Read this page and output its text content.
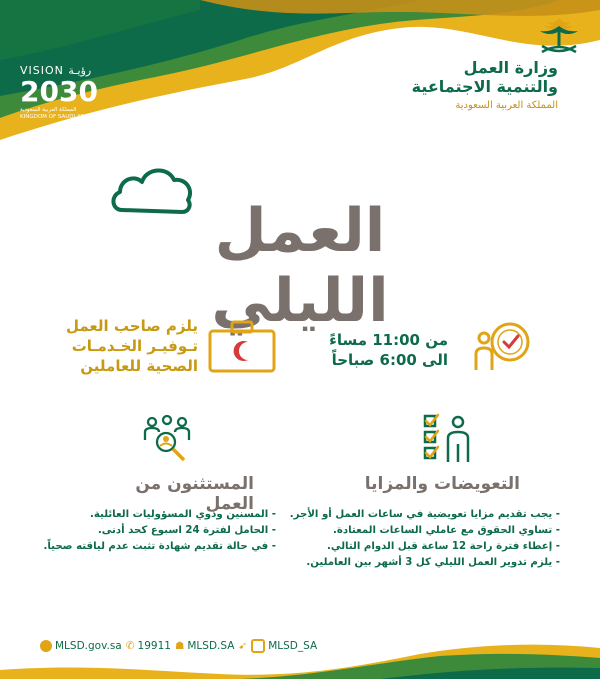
VISION رؤيـة
2030
المملكة العربية السعودية
KINGDOM OF SAUDI ARABIA
وزارة العمل
والتنمية الاجتماعية
المملكة العربية السعودية
العمل الليلي
من 11:00 مساءً
الى 6:00 صباحاً
يلزم صاحب العمل
تـوفيـر الخـدمـات
الصحية للعاملين
التعويضات والمزايا
- يجب تقديم مزايا تعويضية في ساعات العمل أو الأجر.
- تساوي الحقوق مع عاملي الساعات المعتادة.
- إعطاء فترة راحة 12 ساعة قبل الدوام التالي.
- يلزم تدوير العمل الليلي كل 3 أشهر بين العاملين.
المستثنون من العمل
- المسنين وذوي المسؤوليات العائلية.
- الحامل لفترة 24 اسبوع كحد أدنى.
- في حالة تقديم شهادة تثبت عدم لياقته صحياً.
MLSD.gov.sa ✆ 19911 ☗ MLSD.SA ➹ MLSD_SA
